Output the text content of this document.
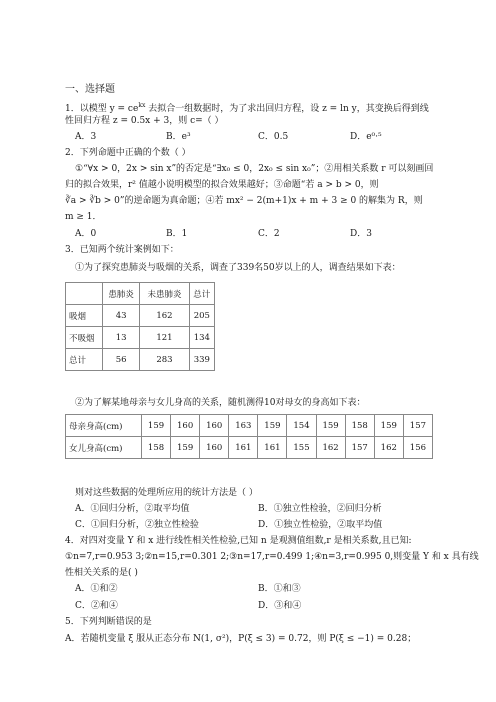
一、选择题
1．以模型 $y = ce^{kx}$ 去拟合一组数据时，为了求出回归方程，设 z = ln y，其变换后得到线
性回归方程 z = 0.5x + 3，则 c=（ ）
A．3	B．e³	C．0.5	D．e⁰·⁵
2．下列命题中正确的个数（ ）
①“∀x > 0，2x > sin x”的否定是“∃x₀ ≤ 0，2x₀ ≤ sin x₀”；②用相关系数 r 可以刻画回
归的拟合效果，r² 值越小说明模型的拟合效果越好；③命题“若 a > b > 0，则
∛a > ∛b > 0”的逆命题为真命题；④若 mx² − 2(m+1)x + m + 3 ≥ 0 的解集为 R，则
m ≥ 1．
A．0	B．1	C．2	D．3
3．已知两个统计案例如下：
①为了探究患肺炎与吸烟的关系，调查了339名50岁以上的人，调查结果如下表：
	患肺炎	未患肺炎	总计
吸烟	43	162	205
不吸烟	13	121	134
总计	56	283	339
②为了解某地母亲与女儿身高的关系，随机测得10对母女的身高如下表：
母亲身高(cm)	159	160	160	163	159	154	159	158	159	157
女儿身高(cm)	158	159	160	161	161	155	162	157	162	156
则对这些数据的处理所应用的统计方法是（ ）
A．①回归分析，②取平均值	B．①独立性检验，②回归分析
C．①回归分析，②独立性检验	D．①独立性检验，②取平均值
4．对四对变量 Y 和 x 进行线性相关性检验,已知 n 是观测值组数,r 是相关系数,且已知:
①n=7,r=0.953 3;②n=15,r=0.301 2;③n=17,r=0.499 1;④n=3,r=0.995 0,则变量 Y 和 x 具有线
性相关关系的是( )
A．①和②	B．①和③
C．②和④	D．③和④
5．下列判断错误的是
A．若随机变量 ξ 服从正态分布 N(1, σ²)，P(ξ ≤ 3) = 0.72，则 P(ξ ≤ −1) = 0.28；
